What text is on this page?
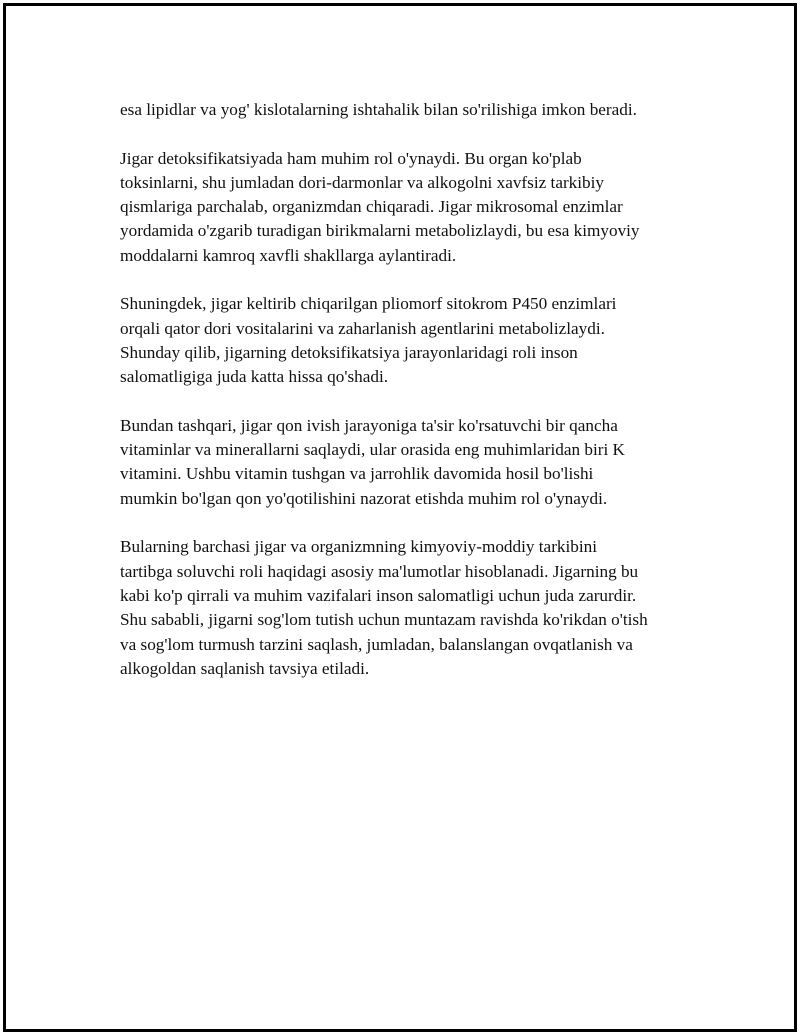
esa lipidlar va yog' kislotalarning ishtahalik bilan so'rilishiga imkon beradi.

Jigar detoksifikatsiyada ham muhim rol o'ynaydi. Bu organ ko'plab
toksinlarni, shu jumladan dori-darmonlar va alkogolni xavfsiz tarkibiy
qismlariga parchalab, organizmdan chiqaradi. Jigar mikrosomal enzimlar
yordamida o'zgarib turadigan birikmalarni metabolizlaydi, bu esa kimyoviy
moddalarni kamroq xavfli shakllarga aylantiradi.

Shuningdek, jigar keltirib chiqarilgan pliomorf sitokrom P450 enzimlari
orqali qator dori vositalarini va zaharlanish agentlarini metabolizlaydi.
Shunday qilib, jigarning detoksifikatsiya jarayonlaridagi roli inson
salomatligiga juda katta hissa qo'shadi.

Bundan tashqari, jigar qon ivish jarayoniga ta'sir ko'rsatuvchi bir qancha
vitaminlar va minerallarni saqlaydi, ular orasida eng muhimlaridan biri K
vitamini. Ushbu vitamin tushgan va jarrohlik davomida hosil bo'lishi
mumkin bo'lgan qon yo'qotilishini nazorat etishda muhim rol o'ynaydi.

Bularning barchasi jigar va organizmning kimyoviy-moddiy tarkibini
tartibga soluvchi roli haqidagi asosiy ma'lumotlar hisoblanadi. Jigarning bu
kabi ko'p qirrali va muhim vazifalari inson salomatligi uchun juda zarurdir.
Shu sababli, jigarni sog'lom tutish uchun muntazam ravishda ko'rikdan o'tish
va sog'lom turmush tarzini saqlash, jumladan, balanslangan ovqatlanish va
alkogoldan saqlanish tavsiya etiladi.
